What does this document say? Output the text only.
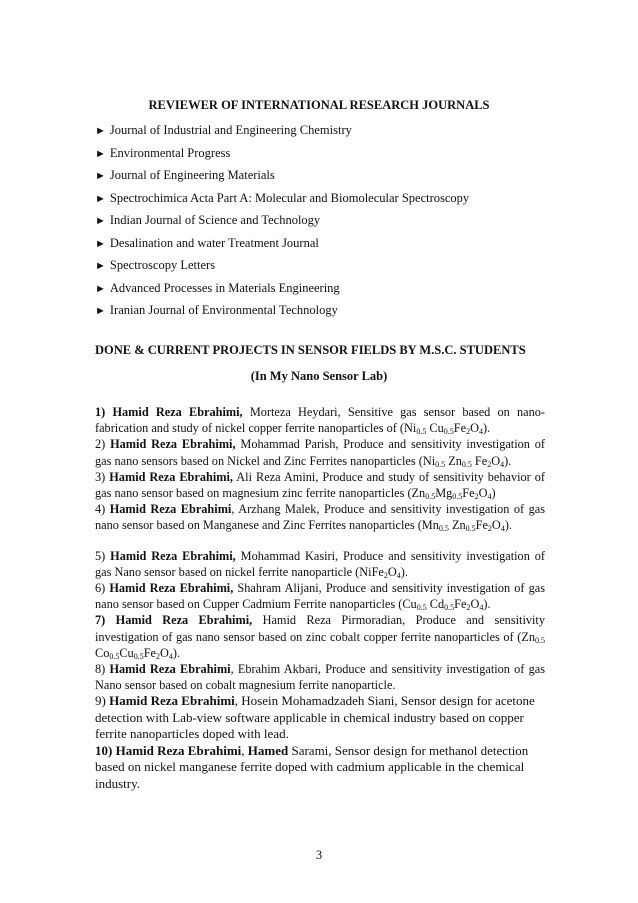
REVIEWER OF INTERNATIONAL RESEARCH JOURNALS
► Journal of Industrial and Engineering Chemistry
► Environmental Progress
► Journal of Engineering Materials
► Spectrochimica Acta Part A: Molecular and Biomolecular Spectroscopy
► Indian Journal of Science and Technology
► Desalination and water Treatment Journal
► Spectroscopy Letters
► Advanced Processes in Materials Engineering
► Iranian Journal of Environmental Technology
DONE & CURRENT PROJECTS IN SENSOR FIELDS BY M.S.C. STUDENTS
(In My Nano Sensor Lab)

1) Hamid Reza Ebrahimi, Morteza Heydari, Sensitive gas sensor based on nano-fabrication and study of nickel copper ferrite nanoparticles of ($Ni_{0.5}$ $Cu_{0.5}Fe_2O_4$).

2) Hamid Reza Ebrahimi, Mohammad Parish, Produce and sensitivity investigation of gas nano sensors based on Nickel and Zinc Ferrites nanoparticles ($Ni_{0.5}$ $Zn_{0.5}$ $Fe_2O_4$).

3) Hamid Reza Ebrahimi, Ali Reza Amini, Produce and study of sensitivity behavior of gas nano sensor based on magnesium zinc ferrite nanoparticles $(Zn_{0.5}Mg_{0.5}Fe_2O_4)$

4) Hamid Reza Ebrahimi, Arzhang Malek, Produce and sensitivity investigation of gas nano sensor based on Manganese and Zinc Ferrites nanoparticles ($Mn_{0.5}$ $Zn_{0.5}Fe_2O_4$).

5) Hamid Reza Ebrahimi, Mohammad Kasiri, Produce and sensitivity investigation of gas Nano sensor based on nickel ferrite nanoparticle $(NiFe_2O_4)$.

6) Hamid Reza Ebrahimi, Shahram Alijani, Produce and sensitivity investigation of gas nano sensor based on Cupper Cadmium Ferrite nanoparticles ($Cu_{0.5}$ $Cd_{0.5}Fe_2O_4$).

7) Hamid Reza Ebrahimi, Hamid Reza Pirmoradian, Produce and sensitivity investigation of gas nano sensor based on zinc cobalt copper ferrite nanoparticles of ($Zn_{0.5}$ $Co_{0.5}Cu_{0.5}Fe_2O_4$).

8) Hamid Reza Ebrahimi, Ebrahim Akbari, Produce and sensitivity investigation of gas Nano sensor based on cobalt magnesium ferrite nanoparticle.

9) Hamid Reza Ebrahimi, Hosein Mohamadzadeh Siani, Sensor design for acetone detection with Lab-view software applicable in chemical industry based on copper ferrite nanoparticles doped with lead.

10) Hamid Reza Ebrahimi, Hamed Sarami, Sensor design for methanol detection based on nickel manganese ferrite doped with cadmium applicable in the chemical industry.

3
